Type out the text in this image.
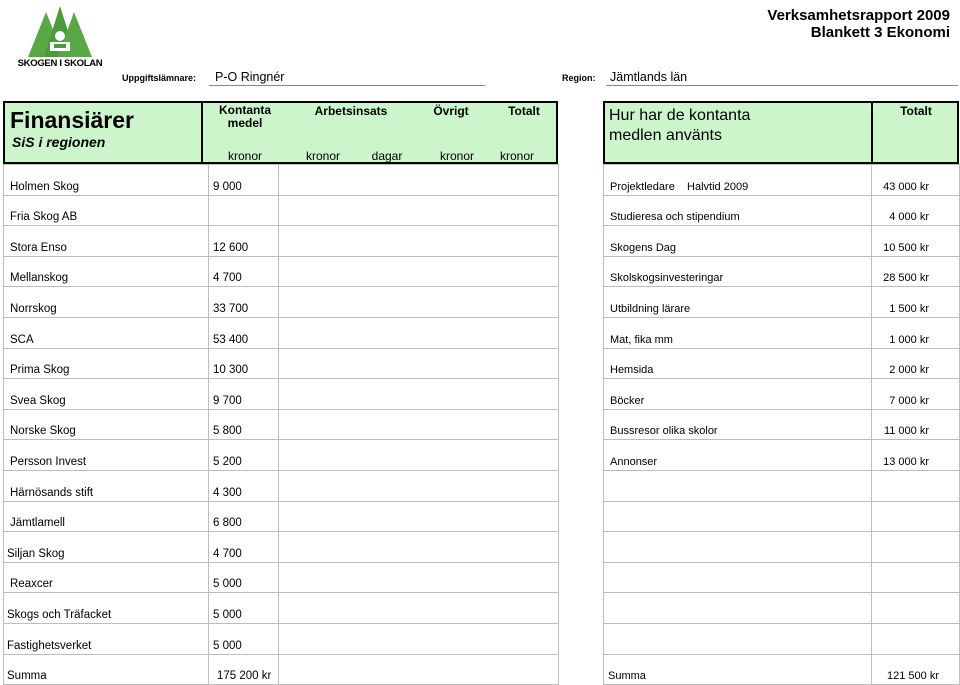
SKOGEN I SKOLAN
Verksamhetsrapport 2009
Blankett 3 Ekonomi
Uppgiftslämnare:	P-O Ringnér	Region:	Jämtlands län
Finansiärer
SiS i regionen
Kontanta medel
Arbetsinsats	Övrigt	Totalt
kronor	kronor	dagar	kronor	kronor
Hur har de kontanta medlen använts
Totalt
Holmen Skog	9 000	
Fria Skog AB		
Stora Enso	12 600	
Mellanskog	4 700	
Norrskog	33 700	
SCA	53 400	
Prima Skog	10 300	
Svea Skog	9 700	
Norske Skog	5 800	
Persson Invest	5 200	
Härnösands stift	4 300	
Jämtlamell	6 800	
Siljan Skog	4 700	
Reaxcer	5 000	
Skogs och Träfacket	5 000	
Fastighetsverket	5 000	
Summa	175 200 kr	
Projektledare    Halvtid 2009	43 000 kr
Studieresa och stipendium	4 000 kr
Skogens Dag	10 500 kr
Skolskogsinvesteringar	28 500 kr
Utbildning lärare	1 500 kr
Mat, fika mm	1 000 kr
Hemsida	2 000 kr
Böcker	7 000 kr
Bussresor olika skolor	11 000 kr
Annonser	13 000 kr

Summa	121 500 kr
